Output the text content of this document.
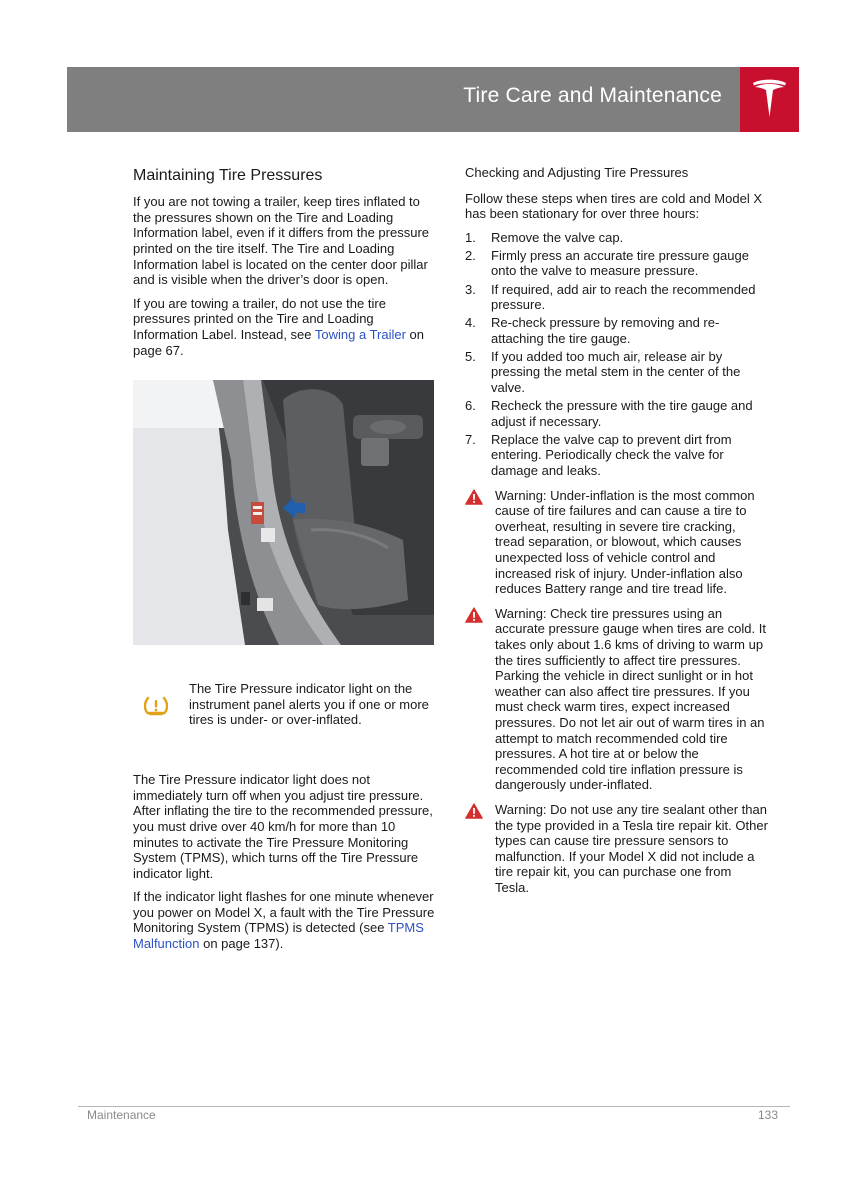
Tire Care and Maintenance
Maintaining Tire Pressures

If you are not towing a trailer, keep tires inflated to the pressures shown on the Tire and Loading Information label, even if it differs from the pressure printed on the tire itself. The Tire and Loading Information label is located on the center door pillar and is visible when the driver’s door is open.

If you are towing a trailer, do not use the tire pressures printed on the Tire and Loading Information Label. Instead, see Towing a Trailer on page 67.

The Tire Pressure indicator light on the instrument panel alerts you if one or more tires is under- or over-inflated.

The Tire Pressure indicator light does not immediately turn off when you adjust tire pressure. After inflating the tire to the recommended pressure, you must drive over 40 km/h for more than 10 minutes to activate the Tire Pressure Monitoring System (TPMS), which turns off the Tire Pressure indicator light.

If the indicator light flashes for one minute whenever you power on Model X, a fault with the Tire Pressure Monitoring System (TPMS) is detected (see TPMS Malfunction on page 137).

Checking and Adjusting Tire Pressures

Follow these steps when tires are cold and Model X has been stationary for over three hours:

1. Remove the valve cap.
2. Firmly press an accurate tire pressure gauge onto the valve to measure pressure.
3. If required, add air to reach the recommended pressure.
4. Re-check pressure by removing and re-attaching the tire gauge.
5. If you added too much air, release air by pressing the metal stem in the center of the valve.
6. Recheck the pressure with the tire gauge and adjust if necessary.
7. Replace the valve cap to prevent dirt from entering. Periodically check the valve for damage and leaks.

Warning: Under-inflation is the most common cause of tire failures and can cause a tire to overheat, resulting in severe tire cracking, tread separation, or blowout, which causes unexpected loss of vehicle control and increased risk of injury. Under-inflation also reduces Battery range and tire tread life.

Warning: Check tire pressures using an accurate pressure gauge when tires are cold. It takes only about 1.6 kms of driving to warm up the tires sufficiently to affect tire pressures. Parking the vehicle in direct sunlight or in hot weather can also affect tire pressures. If you must check warm tires, expect increased pressures. Do not let air out of warm tires in an attempt to match recommended cold tire pressures. A hot tire at or below the recommended cold tire inflation pressure is dangerously under-inflated.

Warning: Do not use any tire sealant other than the type provided in a Tesla tire repair kit. Other types can cause tire pressure sensors to malfunction. If your Model X did not include a tire repair kit, you can purchase one from Tesla.

Maintenance	133
